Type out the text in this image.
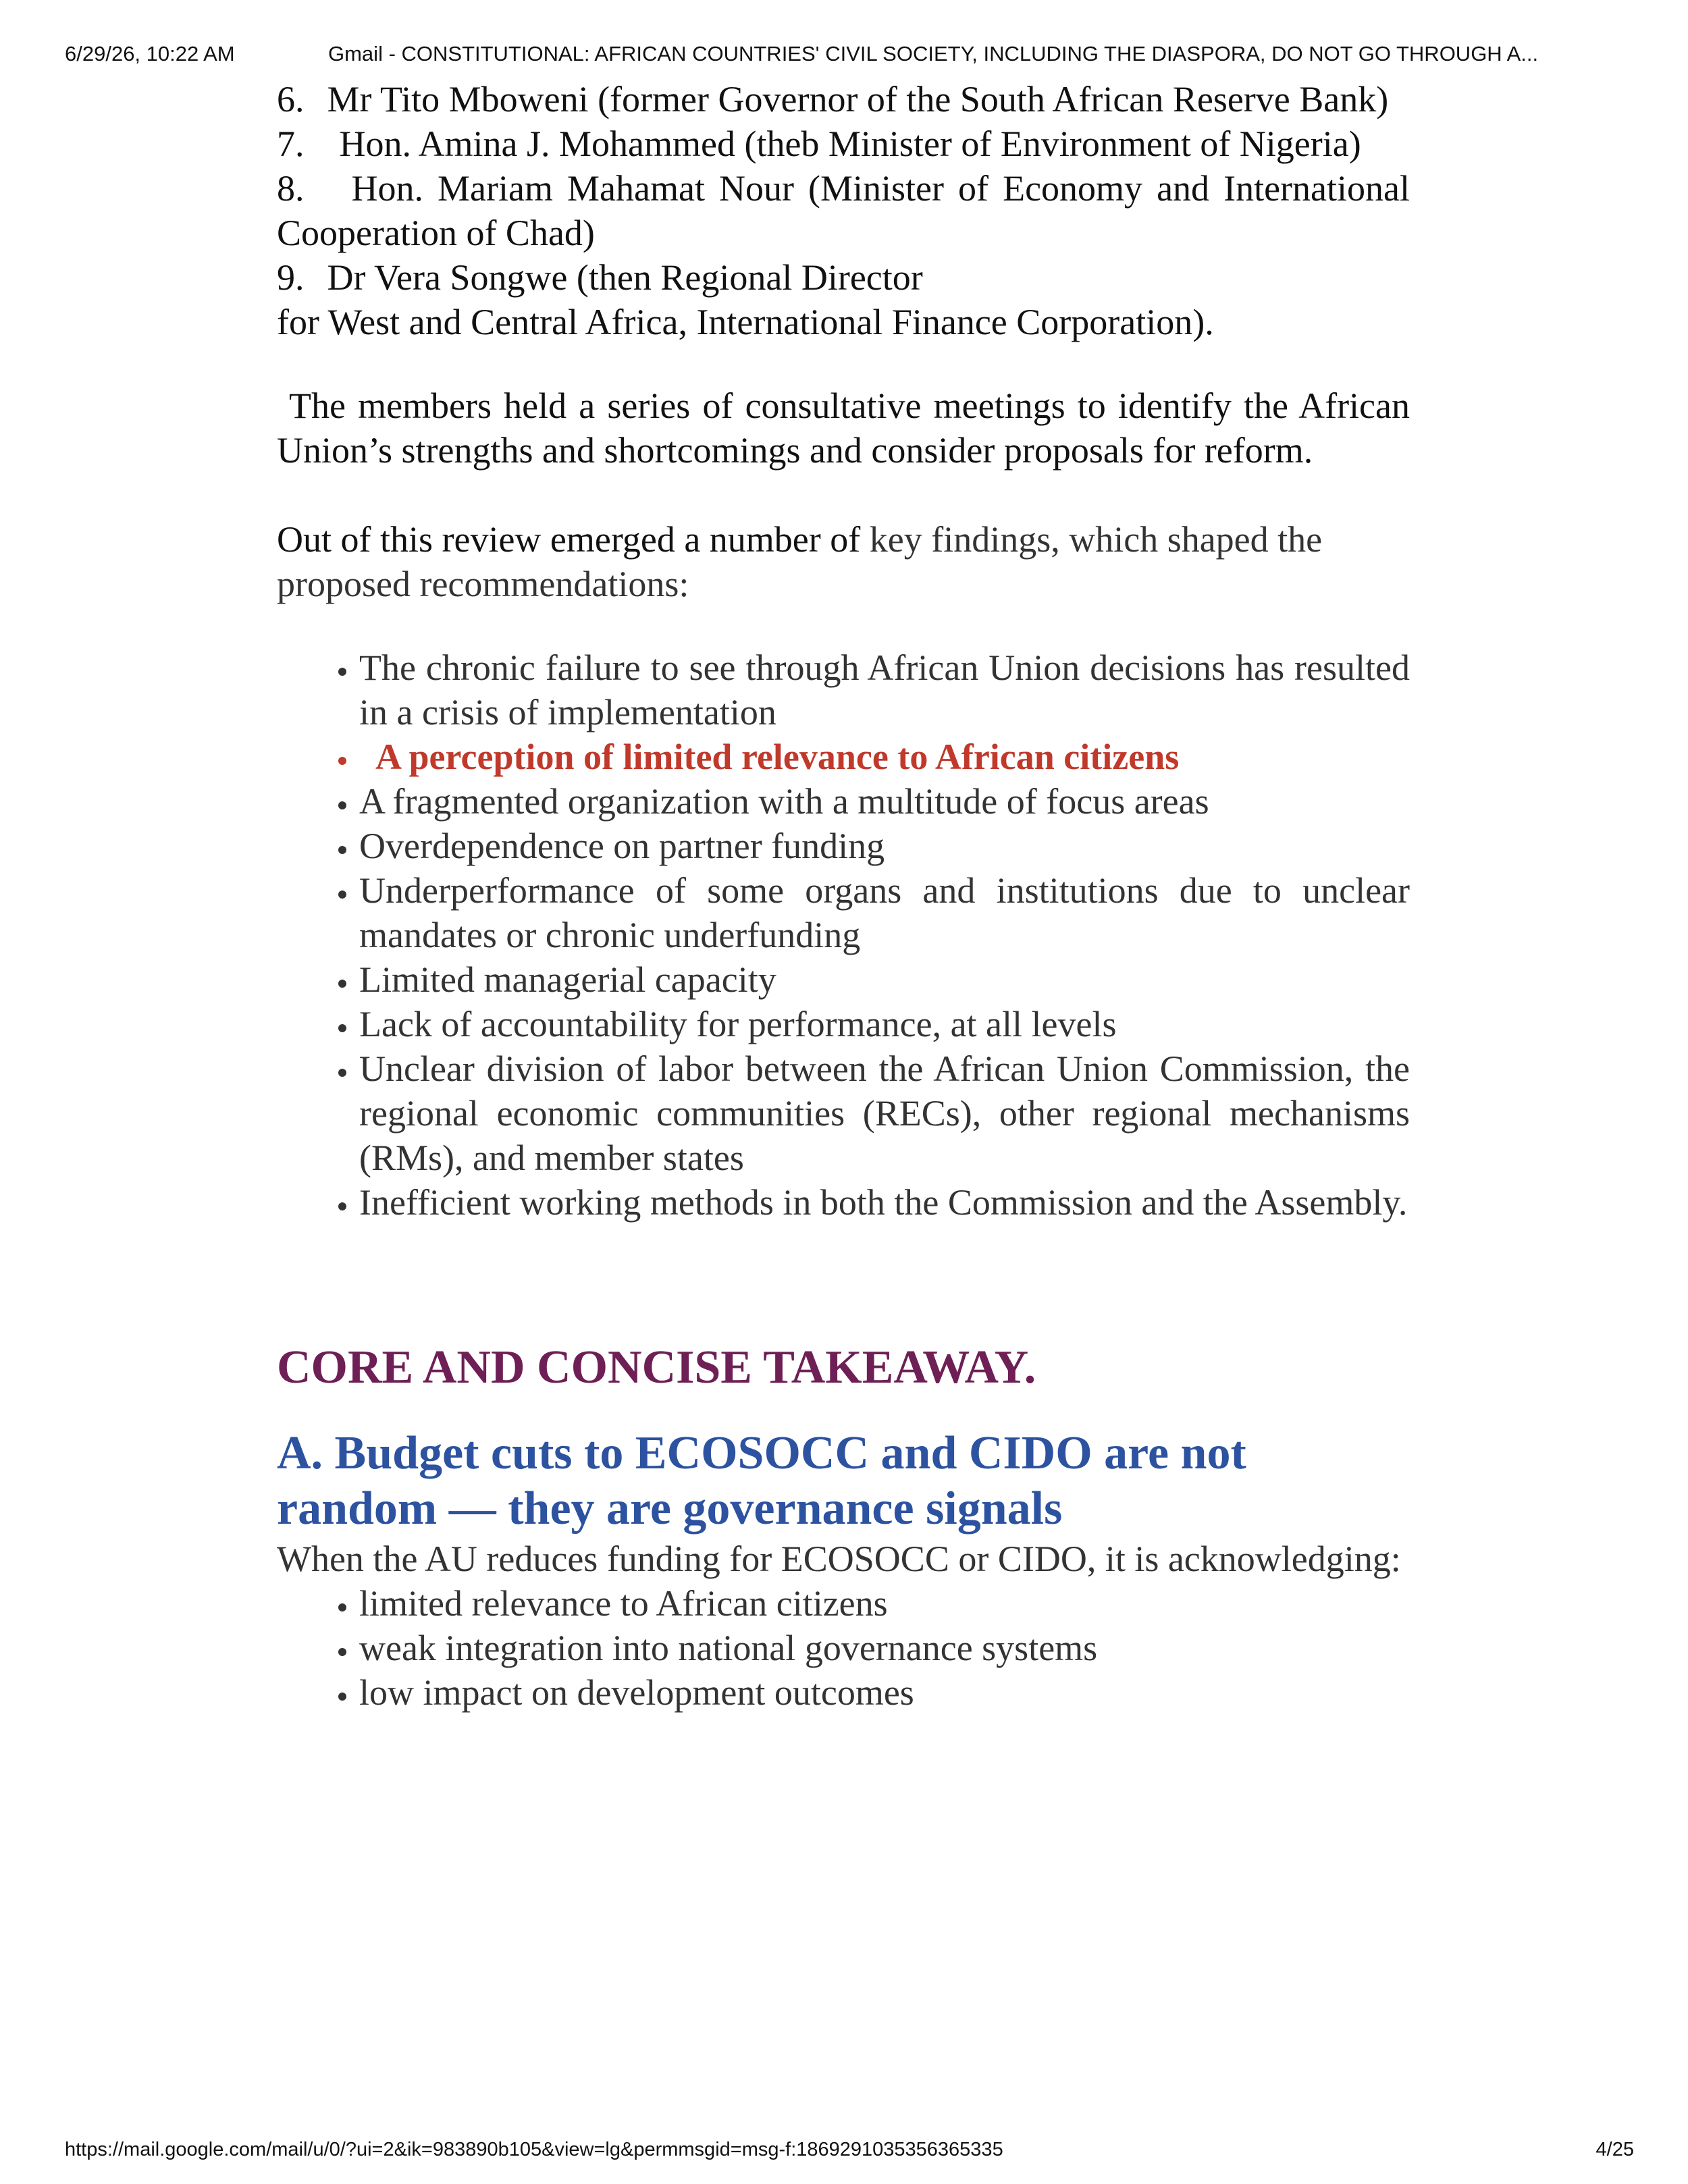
6/29/26, 10:22 AM	Gmail - CONSTITUTIONAL: AFRICAN COUNTRIES' CIVIL SOCIETY, INCLUDING THE DIASPORA, DO NOT GO THROUGH A...

6. Mr Tito Mboweni (former Governor of the South African Reserve Bank)

7. Hon. Amina J. Mohammed (theb Minister of Environment of Nigeria)

8. Hon. Mariam Mahamat Nour (Minister of Economy and International Cooperation of Chad)

9. Dr Vera Songwe (then Regional Director
for West and Central Africa, International Finance Corporation).

The members held a series of consultative meetings to identify the African Union’s strengths and shortcomings and consider proposals for reform.

Out of this review emerged a number of key findings, which shaped the proposed recommendations:

• The chronic failure to see through African Union decisions has resulted in a crisis of implementation
• A perception of limited relevance to African citizens
• A fragmented organization with a multitude of focus areas
• Overdependence on partner funding
• Underperformance of some organs and institutions due to unclear mandates or chronic underfunding
• Limited managerial capacity
• Lack of accountability for performance, at all levels
• Unclear division of labor between the African Union Commission, the regional economic communities (RECs), other regional mechanisms (RMs), and member states
• Inefficient working methods in both the Commission and the Assembly.
CORE AND CONCISE TAKEAWAY.
A. Budget cuts to ECOSOCC and CIDO are not random — they are governance signals

When the AU reduces funding for ECOSOCC or CIDO, it is acknowledging:

• limited relevance to African citizens
• weak integration into national governance systems
• low impact on development outcomes
https://mail.google.com/mail/u/0/?ui=2&ik=983890b105&view=lg&permmsgid=msg-f:1869291035356365335	4/25
